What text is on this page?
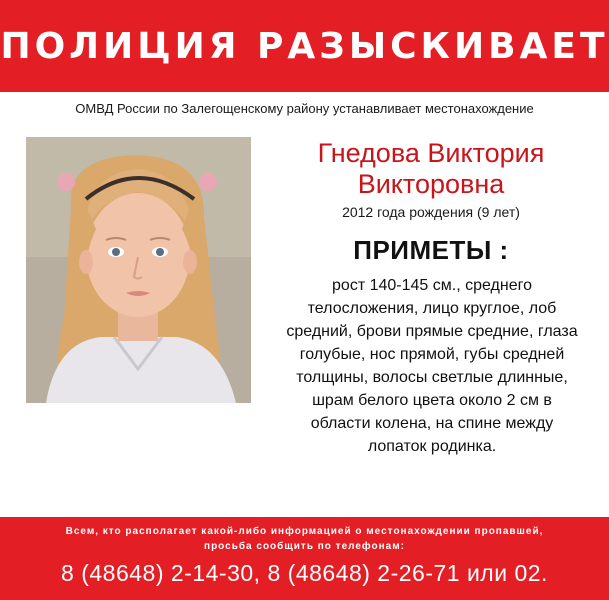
ПОЛИЦИЯ РАЗЫСКИВАЕТ
ОМВД России по Залегощенскому району устанавливает местонахождение
Гнедова Виктория
Викторовна
2012 года рождения (9 лет)
ПРИМЕТЫ :
рост 140-145 см., среднего
телосложения, лицо круглое, лоб
средний, брови прямые средние, глаза
голубые, нос прямой, губы средней
толщины, волосы светлые длинные,
шрам белого цвета около 2 см в
области колена, на спине между
лопаток родинка.
Всем, кто располагает какой-либо информацией о местонахождении пропавшей,
просьба сообщить по телефонам:
8 (48648) 2-14-30, 8 (48648) 2-26-71 или 02.
